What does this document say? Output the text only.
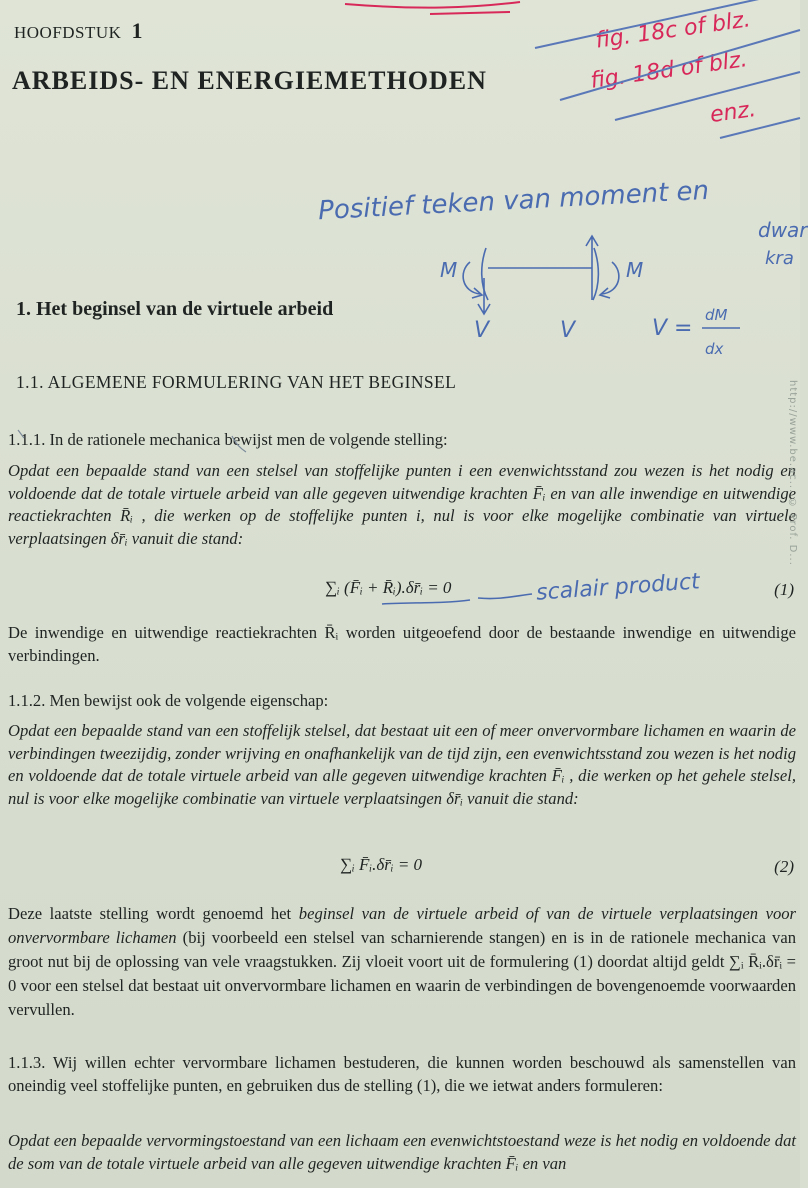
HOOFDSTUK 1
ARBEIDS- EN ENERGIEMETHODEN
1. Het beginsel van de virtuele arbeid
1.1. ALGEMENE FORMULERING VAN HET BEGINSEL

1.1.1. In de rationele mechanica bewijst men de volgende stelling:

Opdat een bepaalde stand van een stelsel van stoffelijke punten i een evenwichtsstand zou wezen is het nodig en voldoende dat de totale virtuele arbeid van alle gegeven uitwendige krachten F̄ᵢ en van alle inwendige en uitwendige reactiekrachten R̄ᵢ , die werken op de stoffelijke punten i, nul is voor elke mogelijke combinatie van virtuele verplaatsingen δr̄ᵢ vanuit die stand:

∑ᵢ (F̄ᵢ + R̄ᵢ).δr̄ᵢ = 0	(1)

De inwendige en uitwendige reactiekrachten R̄ᵢ worden uitgeoefend door de bestaande inwendige en uitwendige verbindingen.

1.1.2. Men bewijst ook de volgende eigenschap:

Opdat een bepaalde stand van een stoffelijk stelsel, dat bestaat uit een of meer onvervormbare lichamen en waarin de verbindingen tweezijdig, zonder wrijving en onafhankelijk van de tijd zijn, een evenwichtsstand zou wezen is het nodig en voldoende dat de totale virtuele arbeid van alle gegeven uitwendige krachten F̄ᵢ , die werken op het gehele stelsel, nul is voor elke mogelijke combinatie van virtuele verplaatsingen δr̄ᵢ vanuit die stand:

∑ᵢ F̄ᵢ.δr̄ᵢ = 0	(2)

Deze laatste stelling wordt genoemd het beginsel van de virtuele arbeid of van de virtuele verplaatsingen voor onvervormbare lichamen (bij voorbeeld een stelsel van scharnierende stangen) en is in de rationele mechanica van groot nut bij de oplossing van vele vraagstukken. Zij vloeit voort uit de formulering (1) doordat altijd geldt ∑ᵢ R̄ᵢ.δr̄ᵢ = 0 voor een stelsel dat bestaat uit onvervormbare lichamen en waarin de verbindingen de bovengenoemde voorwaarden vervullen.

1.1.3. Wij willen echter vervormbare lichamen bestuderen, die kunnen worden beschouwd als samenstellen van oneindig veel stoffelijke punten, en gebruiken dus de stelling (1), die we ietwat anders formuleren:

Opdat een bepaalde vervormingstoestand van een lichaam een evenwichtstoestand weze is het nodig en voldoende dat de som van de totale virtuele arbeid van alle gegeven uitwendige krachten F̄ᵢ en van

fig. 18c of blz.
fig. 18d of blz.
enz.
Positief teken van moment en
dwar
kra
M	M
V	V	V =
dM
dx
scalair product
http://www.be.ac... © Prof. D...
